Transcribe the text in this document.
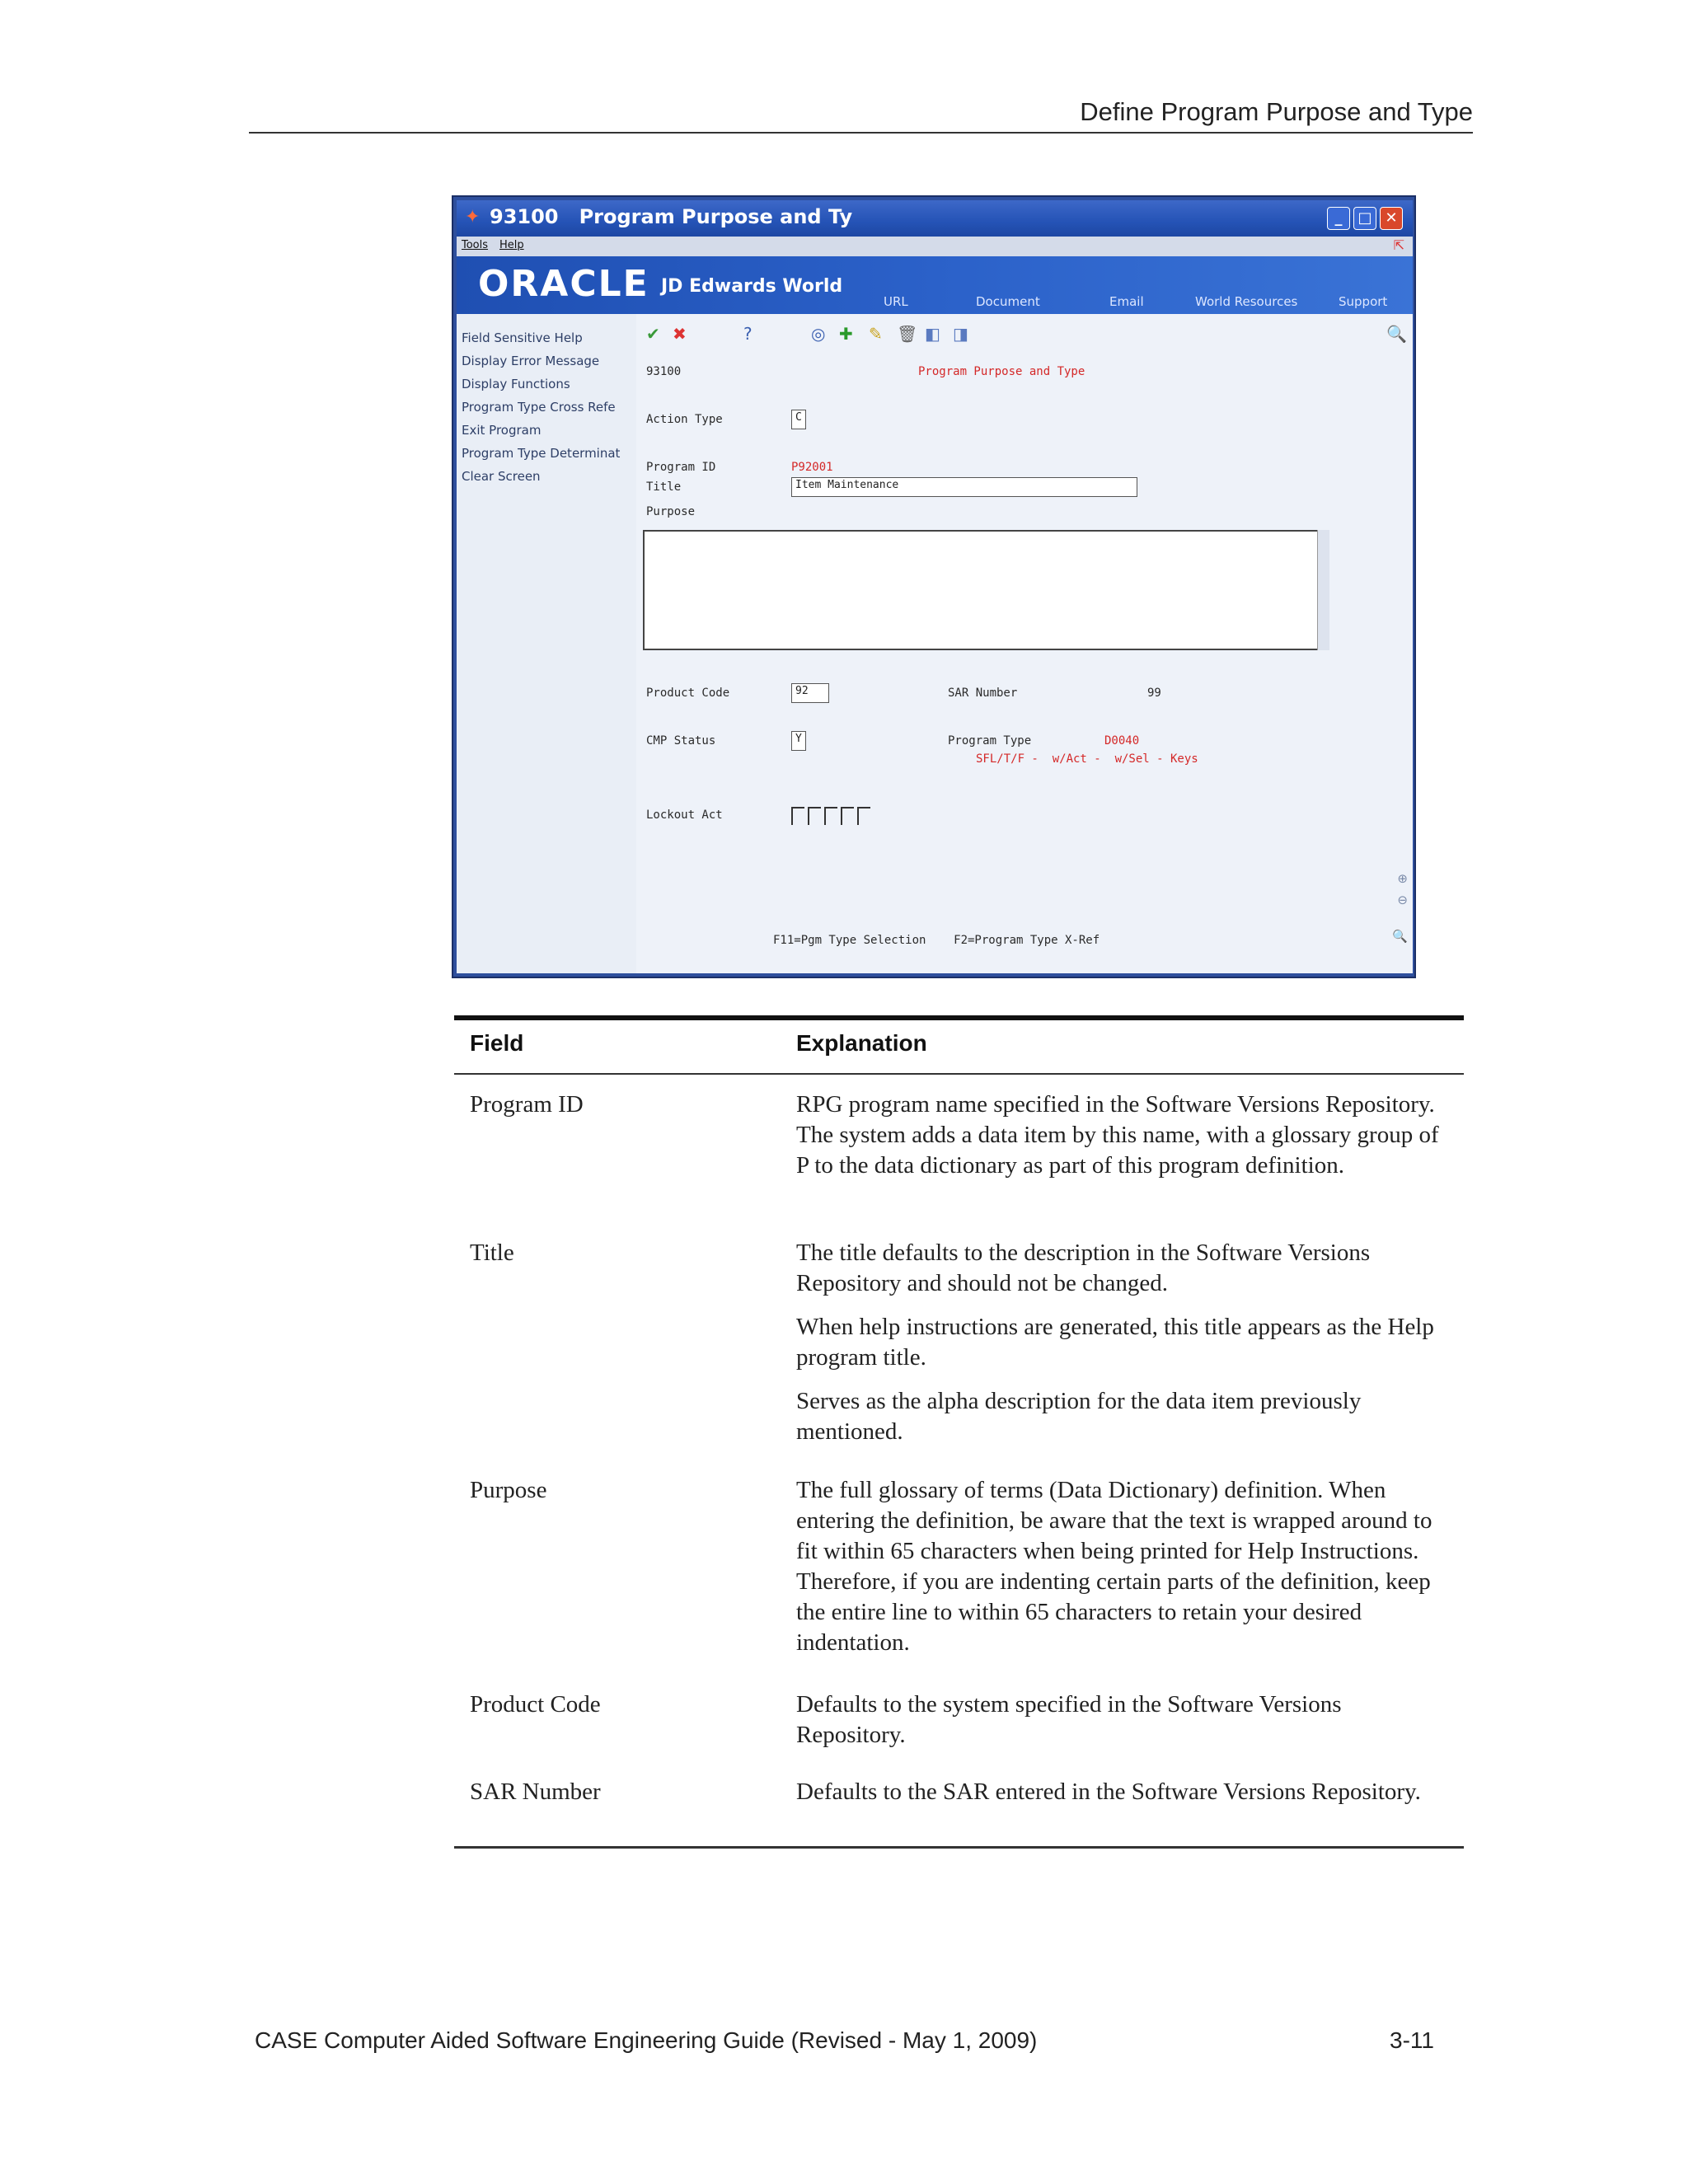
Define Program Purpose and Type
✦ 93100   Program Purpose and Ty	_	□ ✕
Tools Help	⇱
ORACLE JD Edwards World
URL	Document	Email	World Resources	Support
Field Sensitive Help
Display Error Message
Display Functions
Program Type Cross Refe
Exit Program
Program Type Determinat
Clear Screen
✔ ✖	?	◎ ✚ ✎ 🗑 ◧ ◨	🔍
93100	Program Purpose and Type
Action Type	C
Program ID	P92001
Title	Item Maintenance
Purpose
Product Code	92	SAR Number	99
CMP Status	Y	Program Type	D0040
SFL/T/F -  w/Act -  w/Sel - Keys
Lockout Act
⊕
⊖
🔍
F11=Pgm Type Selection    F2=Program Type X-Ref
Field	Explanation
Program ID	RPG program name specified in the Software Versions Repository. The system adds a data item by this name, with a glossary group of P to the data dictionary as part of this program definition.

Title	The title defaults to the description in the Software Versions Repository and should not be changed.

When help instructions are generated, this title appears as the Help program title.

Serves as the alpha description for the data item previously mentioned.

Purpose	The full glossary of terms (Data Dictionary) definition. When entering the definition, be aware that the text is wrapped around to fit within 65 characters when being printed for Help Instructions. Therefore, if you are indenting certain parts of the definition, keep the entire line to within 65 characters to retain your desired indentation.

Product Code	Defaults to the system specified in the Software Versions Repository.

SAR Number	Defaults to the SAR entered in the Software Versions Repository.

CASE Computer Aided Software Engineering Guide (Revised - May 1, 2009)	3-11
